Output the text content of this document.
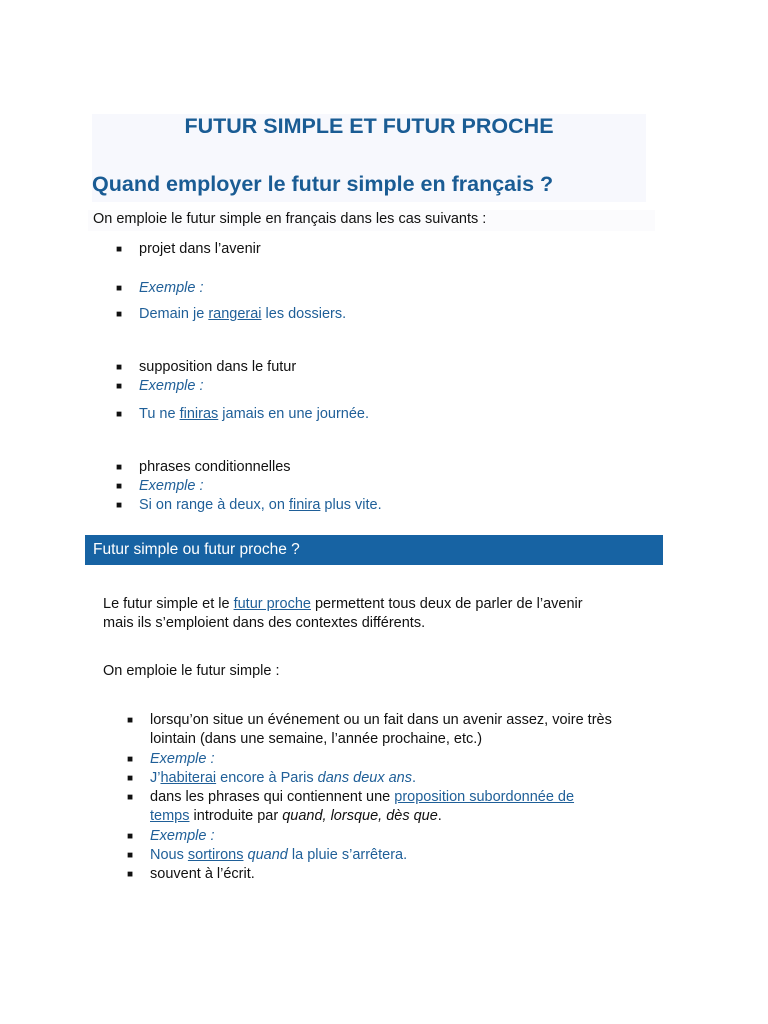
FUTUR SIMPLE ET FUTUR PROCHE
Quand employer le futur simple en français ?

On emploie le futur simple en français dans les cas suivants :

■ projet dans l’avenir
■ Exemple :
■ Demain je rangerai les dossiers.
■ supposition dans le futur
■ Exemple :
■ Tu ne finiras jamais en une journée.
■ phrases conditionnelles
■ Exemple :
■ Si on range à deux, on finira plus vite.
Futur simple ou futur proche ?

Le futur simple et le futur proche permettent tous deux de parler de l’avenir

mais ils s’emploient dans des contextes différents.

On emploie le futur simple :

■ lorsqu’on situe un événement ou un fait dans un avenir assez, voire très
lointain (dans une semaine, l’année prochaine, etc.)
■ Exemple :
■ J’habiterai encore à Paris dans deux ans.
■ dans les phrases qui contiennent une proposition subordonnée de
temps introduite par quand, lorsque, dès que.
■ Exemple :
■ Nous sortirons quand la pluie s’arrêtera.
■ souvent à l’écrit.
